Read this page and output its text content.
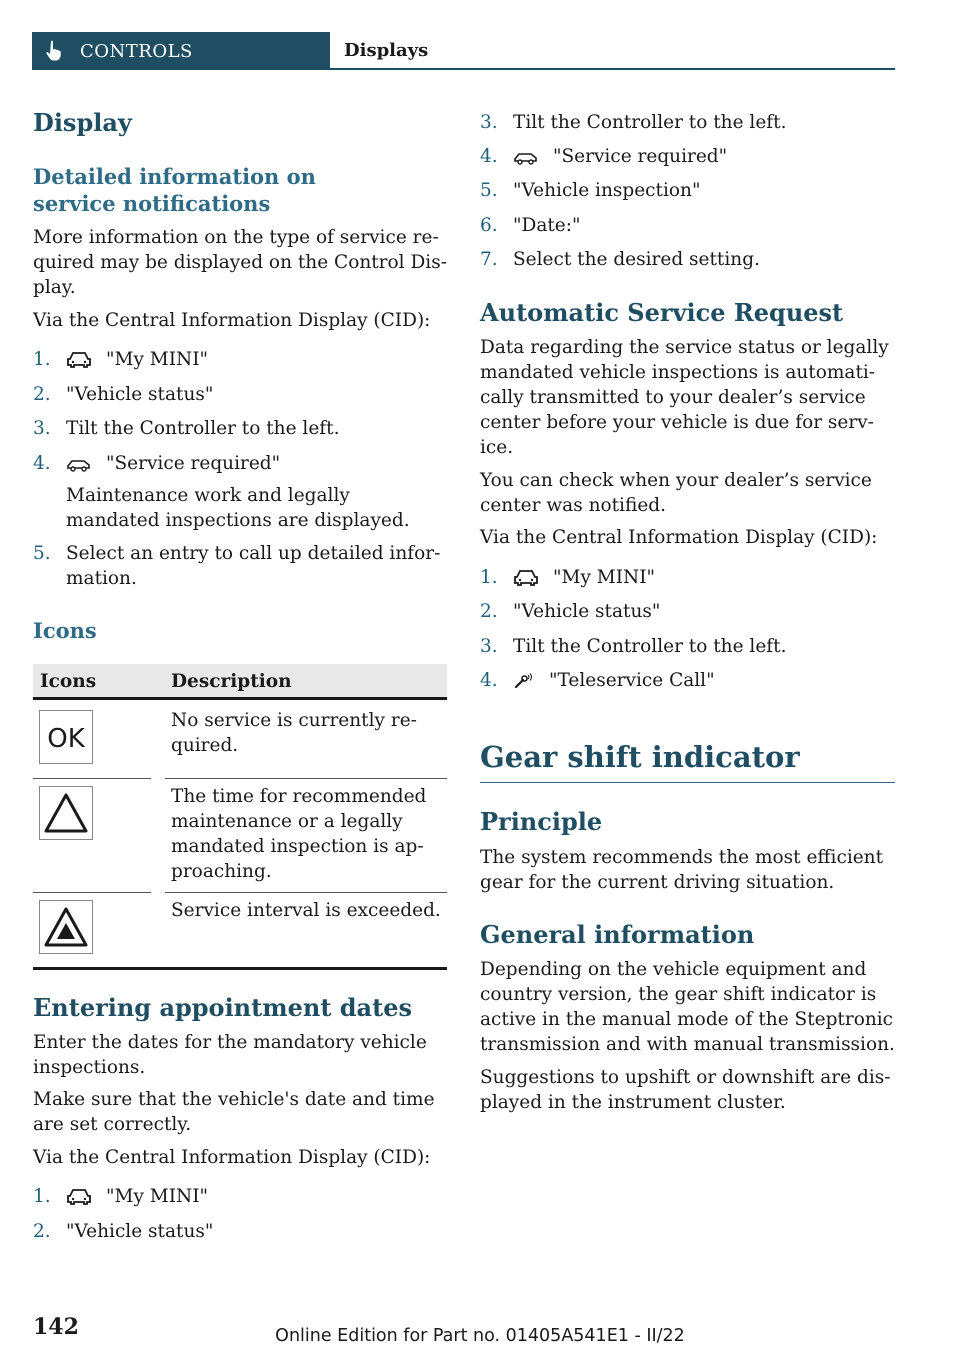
CONTROLS	Displays
Display
Detailed information on service notifications
More information on the type of service re-quired may be displayed on the Control Dis-play.
Via the Central Information Display (CID):
1.	"My MINI"
2. "Vehicle status"
3. Tilt the Controller to the left.
4.	"Service required"
Maintenance work and legally mandated inspections are displayed.
5. Select an entry to call up detailed infor-mation.
Icons
Icons	Description
OK
No service is currently re-quired.
The time for recommended maintenance or a legally mandated inspection is ap-proaching.
Service interval is exceeded.
Entering appointment dates
Enter the dates for the mandatory vehicle inspections.
Make sure that the vehicle's date and time are set correctly.
Via the Central Information Display (CID):
1.	"My MINI"
2. "Vehicle status"
3. Tilt the Controller to the left.
4.	"Service required"
5. "Vehicle inspection"
6. "Date:"
7. Select the desired setting.
Automatic Service Request
Data regarding the service status or legally mandated vehicle inspections is automati-cally transmitted to your dealer’s service center before your vehicle is due for serv-ice.
You can check when your dealer’s service center was notified.
Via the Central Information Display (CID):
1.	"My MINI"
2. "Vehicle status"
3. Tilt the Controller to the left.
4.	"Teleservice Call"
Gear shift indicator
Principle
The system recommends the most efficient gear for the current driving situation.
General information
Depending on the vehicle equipment and country version, the gear shift indicator is active in the manual mode of the Steptronic transmission and with manual transmission.
Suggestions to upshift or downshift are dis-played in the instrument cluster.
142	Online Edition for Part no. 01405A541E1 - II/22
